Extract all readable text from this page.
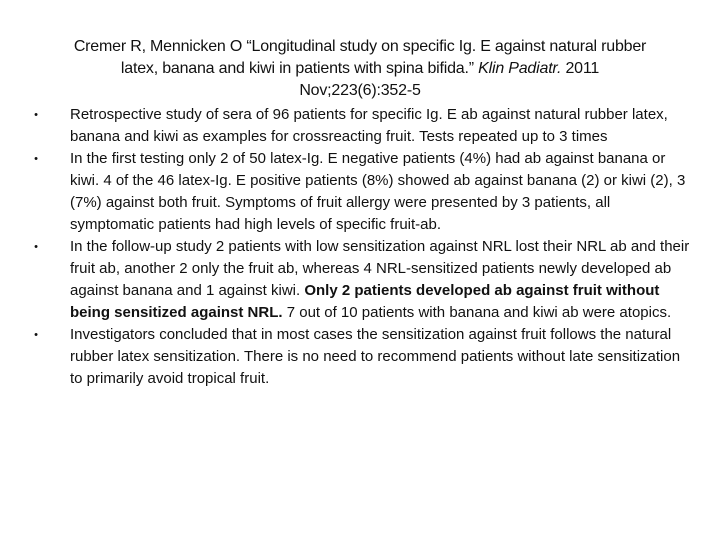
Cremer R, Mennicken O “Longitudinal study on specific Ig. E against natural rubber
latex, banana and kiwi in patients with spina bifida.” Klin Padiatr. 2011
Nov;223(6):352-5
• Retrospective study of sera of 96 patients for specific Ig. E ab against natural rubber latex, banana and kiwi as examples for crossreacting fruit. Tests repeated up to 3 times
• In the first testing only 2 of 50 latex-Ig. E negative patients (4%) had ab against banana or kiwi. 4 of the 46 latex-Ig. E positive patients (8%) showed ab against banana (2) or kiwi (2), 3 (7%) against both fruit. Symptoms of fruit allergy were presented by 3 patients, all symptomatic patients had high levels of specific fruit-ab.
• In the follow-up study 2 patients with low sensitization against NRL lost their NRL ab and their fruit ab, another 2 only the fruit ab, whereas 4 NRL-sensitized patients newly developed ab against banana and 1 against kiwi. Only 2 patients developed ab against fruit without being sensitized against NRL. 7 out of 10 patients with banana and kiwi ab were atopics.
• Investigators concluded that in most cases the sensitization against fruit follows the natural rubber latex sensitization. There is no need to recommend patients without late sensitization to primarily avoid tropical fruit.
